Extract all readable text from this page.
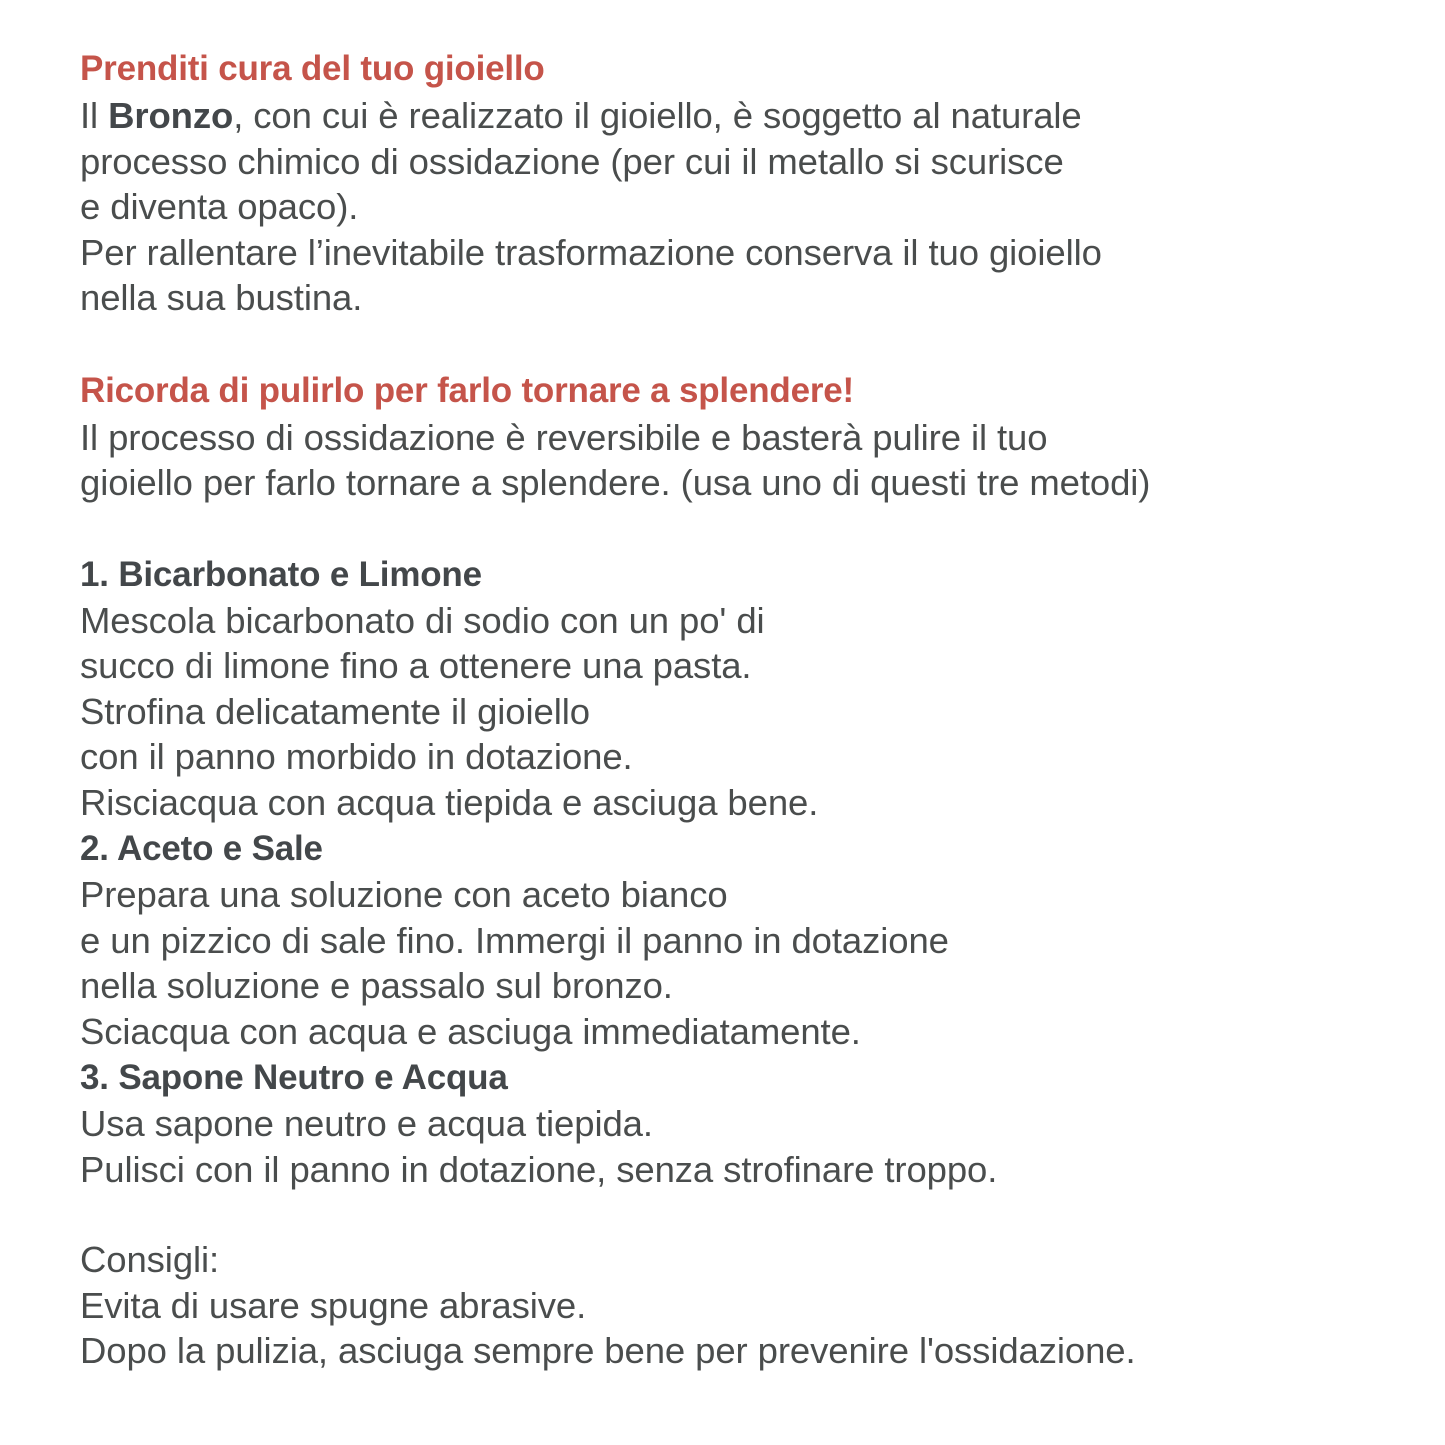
Prenditi cura del tuo gioiello
Il Bronzo, con cui è realizzato il gioiello, è soggetto al naturale
processo chimico di ossidazione (per cui il metallo si scurisce
e diventa opaco).
Per rallentare l’inevitabile trasformazione conserva il tuo gioiello
nella sua bustina.
Ricorda di pulirlo per farlo tornare a splendere!
Il processo di ossidazione è reversibile e basterà pulire il tuo
gioiello per farlo tornare a splendere. (usa uno di questi tre metodi)
1. Bicarbonato e Limone
Mescola bicarbonato di sodio con un po' di
succo di limone fino a ottenere una pasta.
Strofina delicatamente il gioiello
con il panno morbido in dotazione.
Risciacqua con acqua tiepida e asciuga bene.
2. Aceto e Sale
Prepara una soluzione con aceto bianco
e un pizzico di sale fino. Immergi il panno in dotazione
nella soluzione e passalo sul bronzo.
Sciacqua con acqua e asciuga immediatamente.
3. Sapone Neutro e Acqua
Usa sapone neutro e acqua tiepida.
Pulisci con il panno in dotazione, senza strofinare troppo.
Consigli:
Evita di usare spugne abrasive.
Dopo la pulizia, asciuga sempre bene per prevenire l'ossidazione.
